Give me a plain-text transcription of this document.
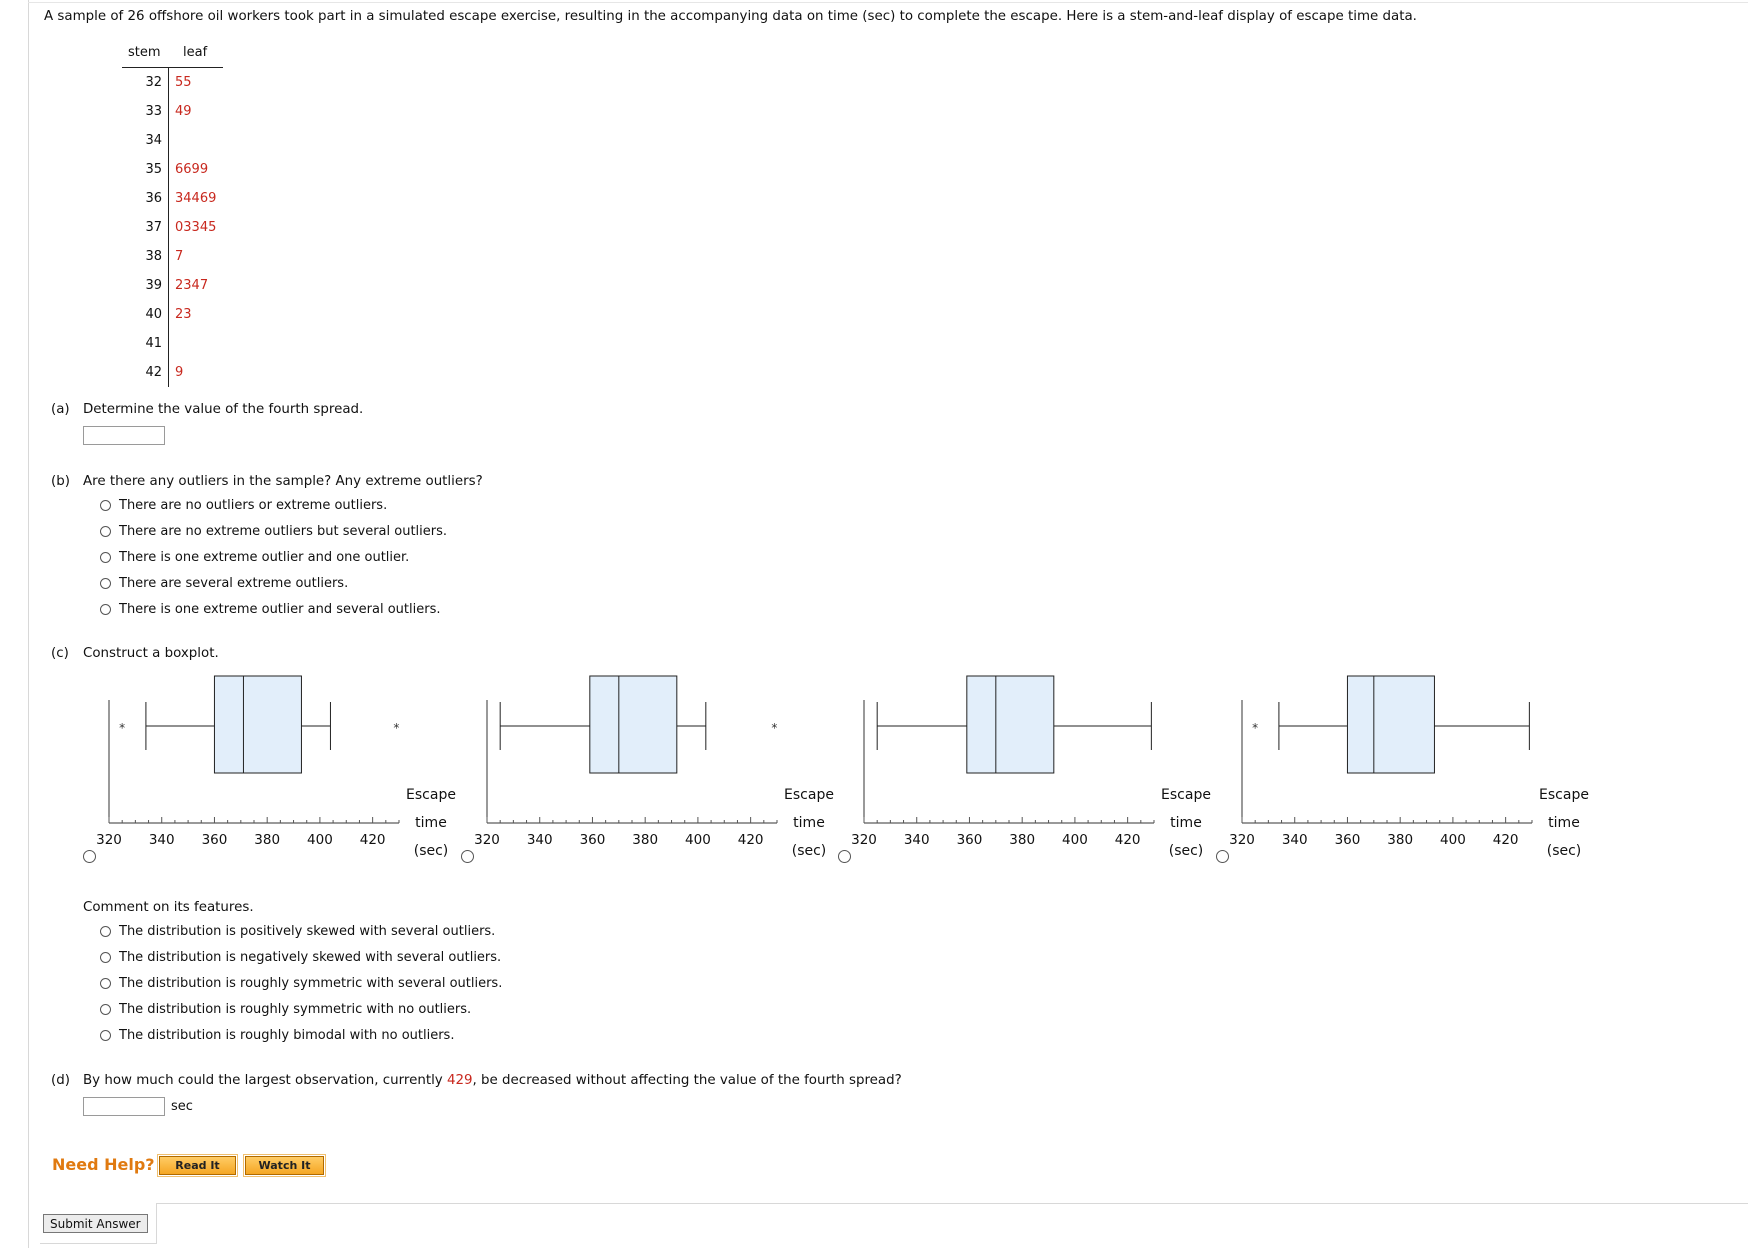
A sample of 26 offshore oil workers took part in a simulated escape exercise, resulting in the accompanying data on time (sec) to complete the escape. Here is a stem-and-leaf display of escape time data.
stem leaf
32 55
33 49
34
35 6699
36 34469
37 03345
38 7
39 2347
40 23
41
42 9
(a) Determine the value of the fourth spread.
(b) Are there any outliers in the sample? Any extreme outliers?
There are no outliers or extreme outliers.
There are no extreme outliers but several outliers.
There is one extreme outlier and one outlier.
There are several extreme outliers.
There is one extreme outlier and several outliers.
(c) Construct a boxplot.
320 340 360 380 400 420
Escape
time
(sec)
*	*
320 340 360 380 400 420
Escape
time
(sec)
*
320 340 360 380 400 420
Escape
time
(sec)
320 340 360 380 400 420
Escape
time
(sec)
*
Comment on its features.
The distribution is positively skewed with several outliers.
The distribution is negatively skewed with several outliers.
The distribution is roughly symmetric with several outliers.
The distribution is roughly symmetric with no outliers.
The distribution is roughly bimodal with no outliers.
(d) By how much could the largest observation, currently 429, be decreased without affecting the value of the fourth spread?
sec
Need Help?	Read It	Watch It
Submit Answer
